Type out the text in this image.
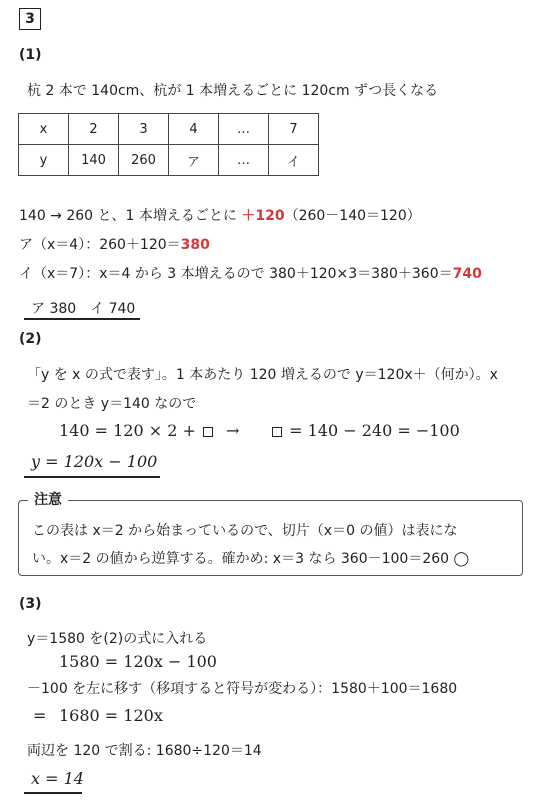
3
(1)
杭 2 本で 140cm、杭が 1 本増えるごとに 120cm ずつ長くなる
x	2	3	4	…	7
y	140	260	ア	…	イ
140 → 260 と、1 本増えるごとに ＋120（260－140＝120）
ア（x＝4）：260＋120＝380
イ（x＝7）：x＝4 から 3 本増えるので 380＋120×3＝380＋360＝740
ア 380　イ 740
(2)
「y を x の式で表す」。1 本あたり 120 増えるので y＝120x＋（何か）。x
＝2 のとき y＝140 なので
140 = 120 × 2 +	→	= 140 − 240 = −100
y = 120x − 100
注意
この表は x＝2 から始まっているので、切片（x＝0 の値）は表にな
い。x＝2 の値から逆算する。確かめ: x＝3 なら 360－100＝260 ◯
(3)
y＝1580 を(2)の式に入れる
1580 = 120x − 100
－100 を左に移す（移項すると符号が変わる）：1580＋100＝1680
= 1680 = 120x
両辺を 120 で割る: 1680÷120＝14
x = 14
